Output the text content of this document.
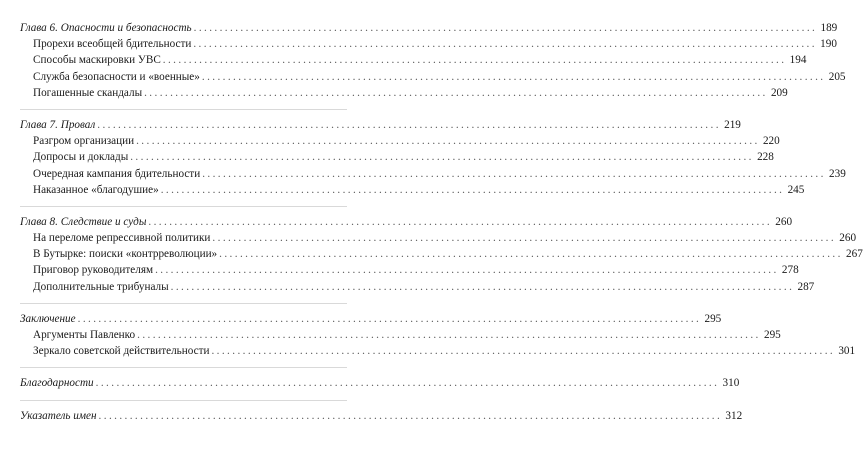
Глава 6. Опасности и безопасность ........................................................................................................................ 189
Прорехи всеобщей бдительности ........................................................................................................................ 190
Способы маскировки УВС ........................................................................................................................ 194
Служба безопасности и «военные» ........................................................................................................................ 205
Погашенные скандалы ........................................................................................................................ 209
Глава 7. Провал ........................................................................................................................ 219
Разгром организации ........................................................................................................................ 220
Допросы и доклады ........................................................................................................................ 228
Очередная кампания бдительности ........................................................................................................................ 239
Наказанное «благодушие» ........................................................................................................................ 245
Глава 8. Следствие и суды ........................................................................................................................ 260
На переломе репрессивной политики ........................................................................................................................ 260
В Бутырке: поиски «контрреволюции» ........................................................................................................................ 267
Приговор руководителям ........................................................................................................................ 278
Дополнительные трибуналы ........................................................................................................................ 287
Заключение ........................................................................................................................ 295
Аргументы Павленко ........................................................................................................................ 295
Зеркало советской действительности ........................................................................................................................ 301
Благодарности ........................................................................................................................ 310
Указатель имен ........................................................................................................................ 312
